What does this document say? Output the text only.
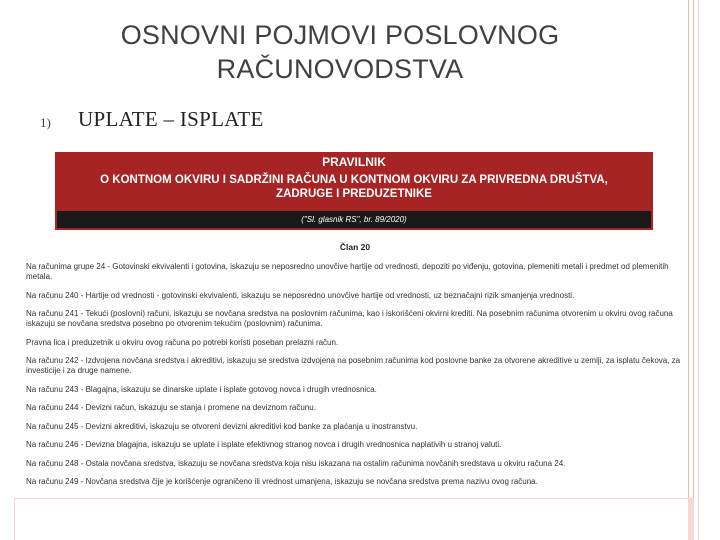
OSNOVNI POJMOVI POSLOVNOG
RAČUNOVODSTVA
1) UPLATE – ISPLATE
PRAVILNIK
O KONTNOM OKVIRU I SADRŽINI RAČUNA U KONTNOM OKVIRU ZA PRIVREDNA DRUŠTVA,
ZADRUGE I PREDUZETNIKE
("Sl. glasnik RS", br. 89/2020)
Član 20

Na računima grupe 24 - Gotovinski ekvivalenti i gotovina, iskazuju se neposredno unovčive hartije od vrednosti, depoziti po viđenju, gotovina, plemeniti metali i predmet od plemenitih metala.

Na računu 240 - Hartije od vrednosti - gotovinski ekvivalenti, iskazuju se neposredno unovčive hartije od vrednosti, uz beznačajni rizik smanjenja vrednosti.

Na računu 241 - Tekući (poslovni) računi, iskazuju se novčana sredstva na poslovnim računima, kao i iskorišćeni okvirni krediti. Na posebnim računima otvorenim u okviru ovog računa iskazuju se novčana sredstva posebno po otvorenim tekućim (poslovnim) računima.

Pravna lica i preduzetnik u okviru ovog računa po potrebi koristi poseban prelazni račun.

Na računu 242 - Izdvojena novčana sredstva i akreditivi, iskazuju se sredstva izdvojena na posebnim računima kod poslovne banke za otvorene akreditive u zemlji, za isplatu čekova, za investicije i za druge namene.

Na računu 243 - Blagajna, iskazuju se dinarske uplate i isplate gotovog novca i drugih vrednosnica.

Na računu 244 - Devizni račun, iskazuju se stanja i promene na deviznom računu.

Na računu 245 - Devizni akreditivi, iskazuju se otvoreni devizni akreditivi kod banke za plaćanja u inostranstvu.

Na računu 246 - Devizna blagajna, iskazuju se uplate i isplate efektivnog stranog novca i drugih vrednosnica naplativih u stranoj valuti.

Na računu 248 - Ostala novčana sredstva, iskazuju se novčana sredstva koja nisu iskazana na ostalim računima novčanih sredstava u okviru računa 24.

Na računu 249 - Novčana sredstva čije je korišćenje ograničeno ili vrednost umanjena, iskazuju se novčana sredstva prema nazivu ovog računa.
